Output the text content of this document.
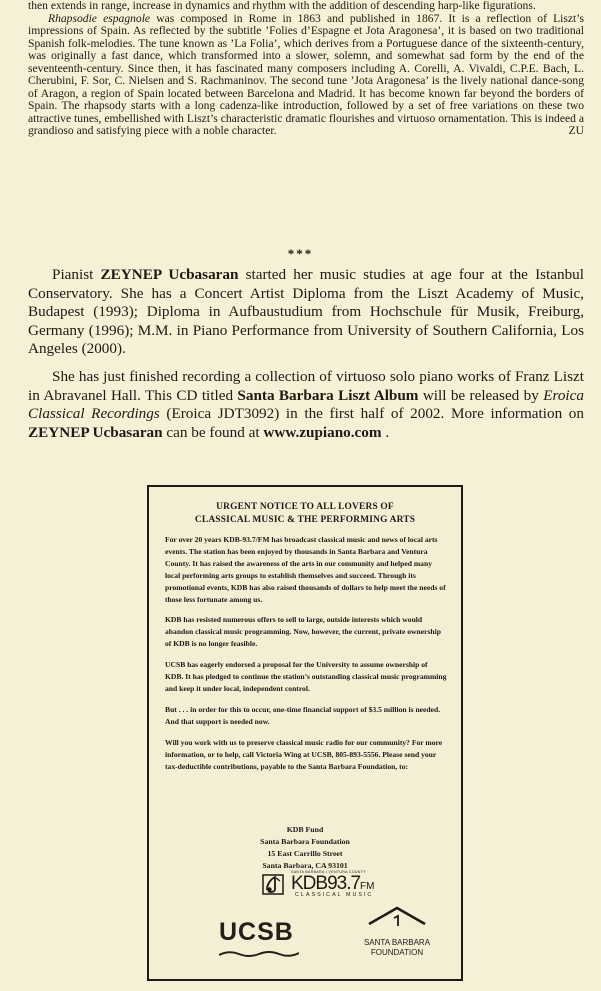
then extends in range, increase in dynamics and rhythm with the addition of descending harp-like figurations.

Rhapsodie espagnole was composed in Rome in 1863 and published in 1867. It is a reflection of Liszt’s impressions of Spain. As reflected by the subtitle ’Folies d’Espagne et Jota Aragonesa’, it is based on two traditional Spanish folk-melodies. The tune known as ’La Folia’, which derives from a Portuguese dance of the sixteenth-century, was originally a fast dance, which transformed into a slower, solemn, and somewhat sad form by the end of the seventeenth-century. Since then, it has fascinated many composers including A. Corelli, A. Vivaldi, C.P.E. Bach, L. Cherubini, F. Sor, C. Nielsen and S. Rachmaninov. The second tune ’Jota Aragonesa’ is the lively national dance-song of Aragon, a region of Spain located between Barcelona and Madrid. It has become known far beyond the borders of Spain. The rhapsody starts with a long cadenza-like introduction, followed by a set of free variations on these two attractive tunes, embellished with Liszt’s characteristic dramatic flourishes and virtuoso ornamentation. This is indeed a grandioso and satisfying piece with a noble character.	ZU

***

Pianist ZEYNEP Ucbasaran started her music studies at age four at the Istanbul Conservatory. She has a Concert Artist Diploma from the Liszt Academy of Music, Budapest (1993); Diploma in Aufbaustudium from Hochschule für Musik, Freiburg, Germany (1996); M.M. in Piano Performance from University of Southern California, Los Angeles (2000).

She has just finished recording a collection of virtuoso solo piano works of Franz Liszt in Abravanel Hall. This CD titled Santa Barbara Liszt Album will be released by Eroica Classical Recordings (Eroica JDT3092) in the first half of 2002. More information on ZEYNEP Ucbasaran can be found at www.zupiano.com .

URGENT NOTICE TO ALL LOVERS OF
CLASSICAL MUSIC & THE PERFORMING ARTS

For over 20 years KDB-93.7/FM has broadcast classical music and news of local arts events. The station has been enjoyed by thousands in Santa Barbara and Ventura County. It has raised the awareness of the arts in our community and helped many local performing arts groups to establish themselves and succeed. Through its promotional events, KDB has also raised thousands of dollars to help meet the needs of those less fortunate among us.

KDB has resisted numerous offers to sell to large, outside interests which would abandon classical music programming. Now, however, the current, private ownership of KDB is no longer feasible.

UCSB has eagerly endorsed a proposal for the University to assume ownership of KDB. It has pledged to continue the station’s outstanding classical music programming and keep it under local, independent control.

But . . . in order for this to occur, one-time financial support of $3.5 million is needed. And that support is needed now.

Will you work with us to preserve classical music radio for our community? For more information, or to help, call Victoria Wing at UCSB, 805-893-5556. Please send your tax-deductible contributions, payable to the Santa Barbara Foundation, to:

KDB Fund
Santa Barbara Foundation
15 East Carrillo Street
Santa Barbara, CA 93101
SANTA BARBARA • VENTURA COUNTY
KDB93.7FM
CLASSICAL MUSIC
UCSB	SANTA BARBARA
FOUNDATION
